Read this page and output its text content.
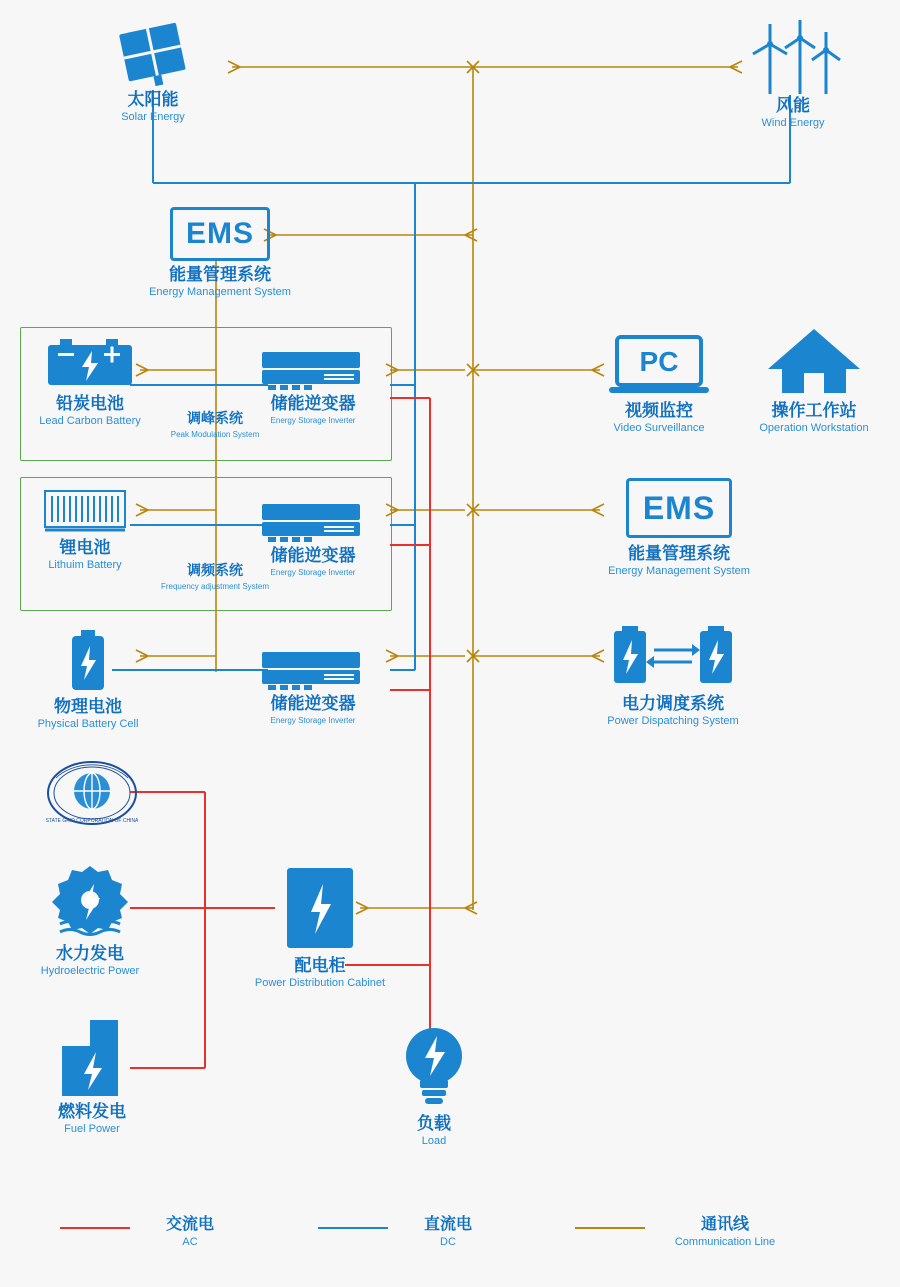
太阳能
Solar Energy
风能
Wind Energy
EMS
能量管理系统
Energy Management System
铅炭电池
Lead Carbon Battery	调峰系统
Peak Modulation System
储能逆变器
Energy Storage Inverter
锂电池
Lithuim Battery	调频系统
Frequency adjustment System
储能逆变器
Energy Storage Inverter
物理电池
Physical Battery Cell
储能逆变器
Energy Storage Inverter
PC
视频监控
Video Surveillance
操作工作站
Operation Workstation
EMS
能量管理系统
Energy Management System
电力调度系统
Power Dispatching System
STATE GRID CORPORATION OF CHINA
水力发电
Hydroelectric Power	配电柜
Power Distribution Cabinet
燃料发电
Fuel Power	负载
Load
交流电
AC
直流电
DC
通讯线
Communication Line
